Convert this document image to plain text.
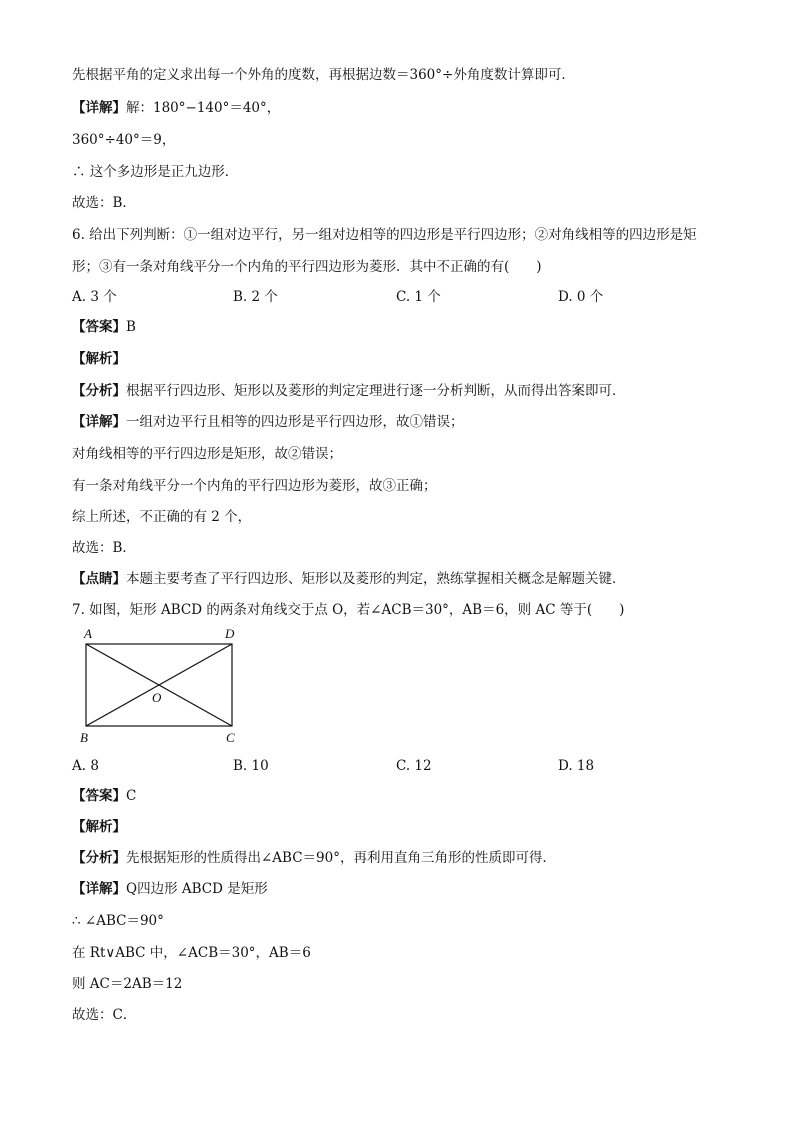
先根据平角的定义求出每一个外角的度数，再根据边数＝360°÷外角度数计算即可．
【详解】解：180°−140°＝40°，
360°÷40°＝9，
∴ 这个多边形是正九边形．
故选：B．
6. 给出下列判断：①一组对边平行，另一组对边相等的四边形是平行四边形；②对角线相等的四边形是矩
形；③有一条对角线平分一个内角的平行四边形为菱形．其中不正确的有(　　)
A. 3 个	B. 2 个	C. 1 个	D. 0 个
【答案】B
【解析】
【分析】根据平行四边形、矩形以及菱形的判定定理进行逐一分析判断，从而得出答案即可．
【详解】一组对边平行且相等的四边形是平行四边形，故①错误；
对角线相等的平行四边形是矩形，故②错误；
有一条对角线平分一个内角的平行四边形为菱形，故③正确；
综上所述，不正确的有 2 个，
故选：B．
【点睛】本题主要考查了平行四边形、矩形以及菱形的判定，熟练掌握相关概念是解题关键．
7. 如图，矩形 ABCD 的两条对角线交于点 O，若∠ACB＝30°，AB＝6，则 AC 等于(　　)
A	D
O
B	C
A. 8	B. 10	C. 12	D. 18
【答案】C
【解析】
【分析】先根据矩形的性质得出∠ABC＝90°，再利用直角三角形的性质即可得．
【详解】Q四边形 ABCD 是矩形
∴ ∠ABC＝90°
在 Rt∨ABC 中，∠ACB＝30°，AB＝6
则 AC＝2AB＝12
故选：C．
